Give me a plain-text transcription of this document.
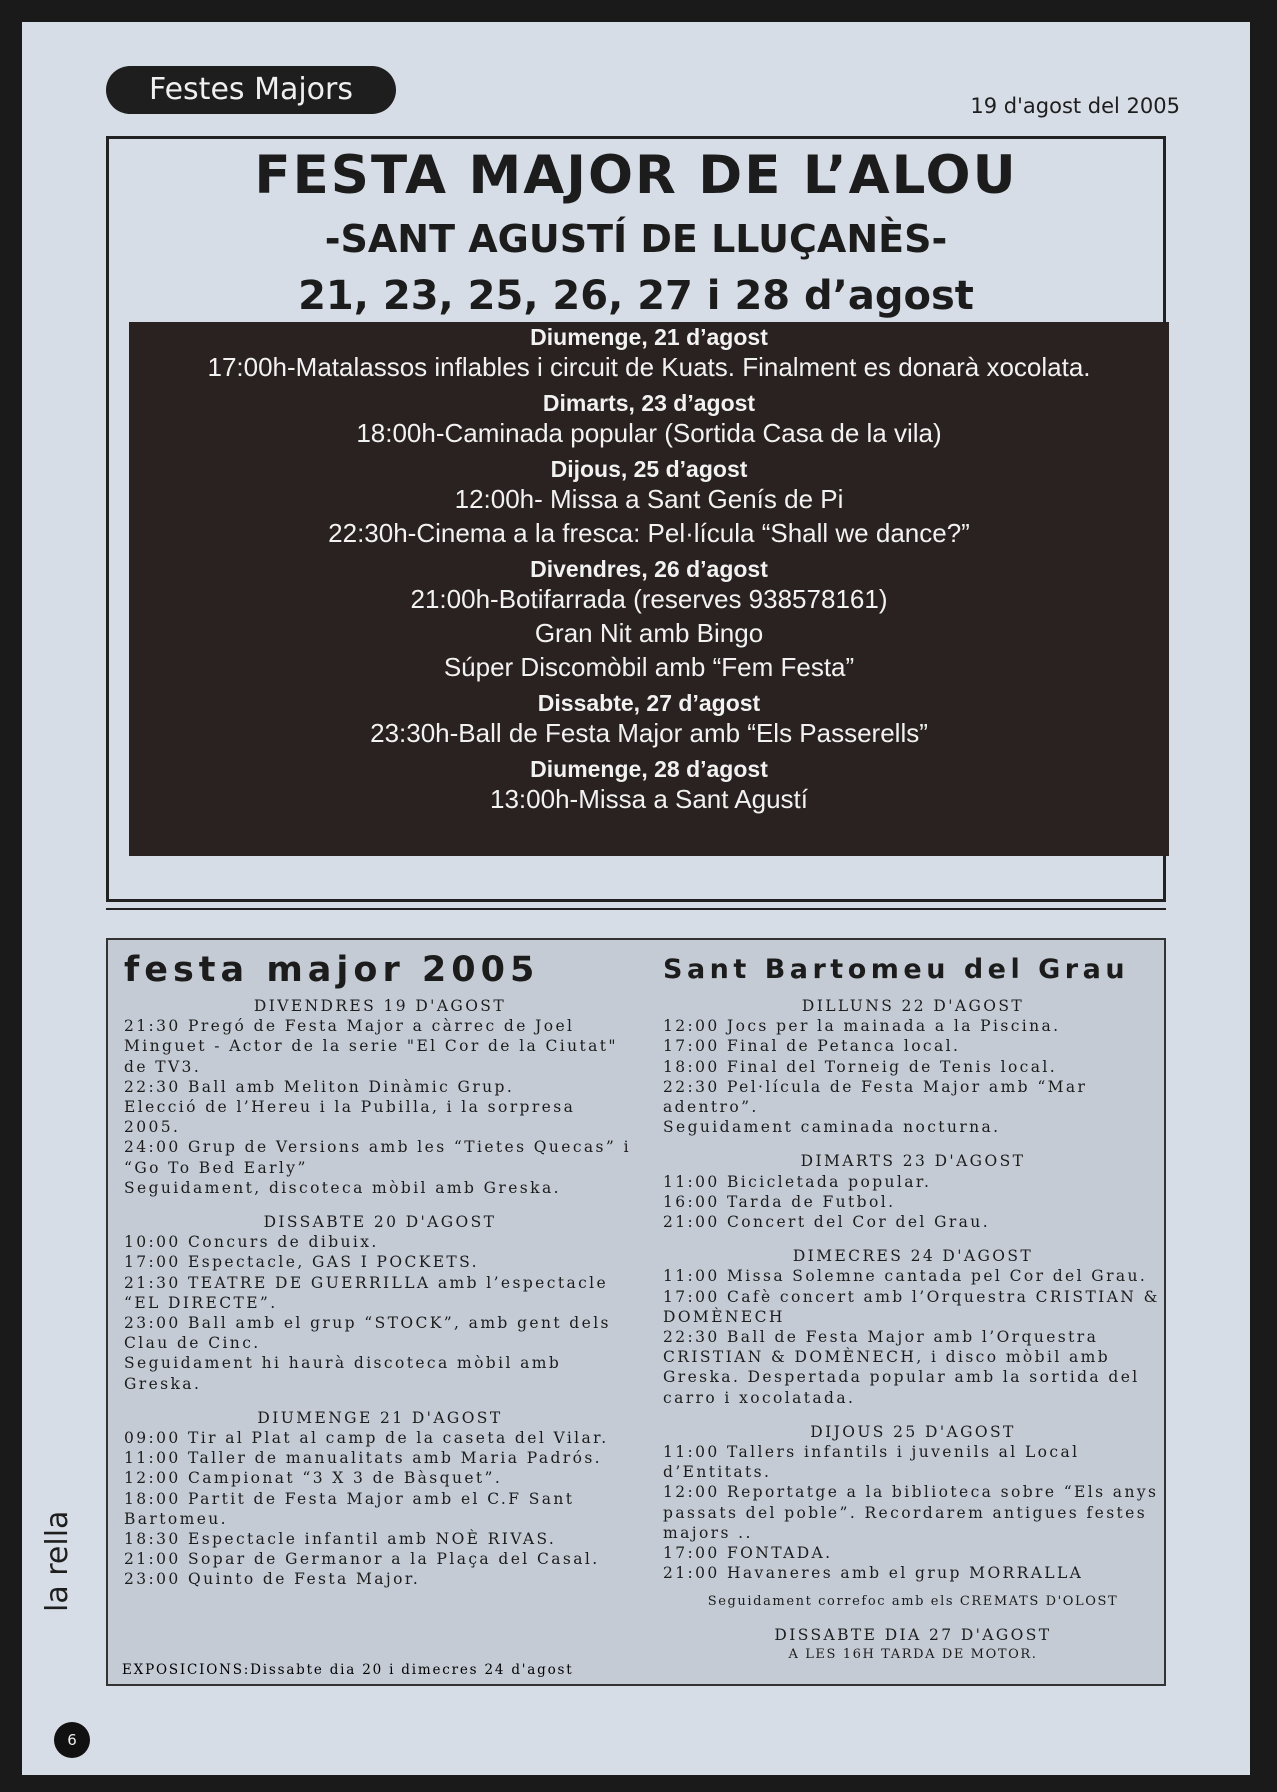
Festes Majors	19 d'agost del 2005
FESTA MAJOR DE L’ALOU
-SANT AGUSTÍ DE LLUÇANÈS-
21, 23, 25, 26, 27 i 28 d’agost
Diumenge, 21 d’agost
17:00h-Matalassos inflables i circuit de Kuats. Finalment es donarà xocolata.
Dimarts, 23 d’agost
18:00h-Caminada popular (Sortida Casa de la vila)
Dijous, 25 d’agost
12:00h- Missa a Sant Genís de Pi
22:30h-Cinema a la fresca: Pel·lícula “Shall we dance?”
Divendres, 26 d’agost
21:00h-Botifarrada (reserves 938578161)
Gran Nit amb Bingo
Súper Discomòbil amb “Fem Festa”
Dissabte, 27 d’agost
23:30h-Ball de Festa Major amb “Els Passerells”
Diumenge, 28 d’agost
13:00h-Missa a Sant Agustí
festa major 2005
DIVENDRES 19 D'AGOST
21:30 Pregó de Festa Major a càrrec de Joel Minguet - Actor de la serie "El Cor de la Ciutat" de TV3.
22:30 Ball amb Meliton Dinàmic Grup.
Elecció de l’Hereu i la Pubilla, i la sorpresa 2005.
24:00 Grup de Versions amb les “Tietes Quecas” i “Go To Bed Early”
Seguidament, discoteca mòbil amb Greska.
DISSABTE 20 D'AGOST
10:00 Concurs de dibuix.
17:00 Espectacle, GAS I POCKETS.
21:30 TEATRE DE GUERRILLA amb l’espectacle “EL DIRECTE”.
23:00 Ball amb el grup “STOCK”, amb gent dels Clau de Cinc.
Seguidament hi haurà discoteca mòbil amb Greska.
DIUMENGE 21 D'AGOST
09:00 Tir al Plat al camp de la caseta del Vilar.
11:00 Taller de manualitats amb Maria Padrós.
12:00 Campionat “3 X 3 de Bàsquet”.
18:00 Partit de Festa Major amb el C.F Sant Bartomeu.
18:30 Espectacle infantil amb NOÈ RIVAS.
21:00 Sopar de Germanor a la Plaça del Casal.
23:00 Quinto de Festa Major.
Sant Bartomeu del Grau
DILLUNS 22 D'AGOST
12:00 Jocs per la mainada a la Piscina.
17:00 Final de Petanca local.
18:00 Final del Torneig de Tenis local.
22:30 Pel·lícula de Festa Major amb “Mar adentro”.
Seguidament caminada nocturna.
DIMARTS 23 D'AGOST
11:00 Bicicletada popular.
16:00 Tarda de Futbol.
21:00 Concert del Cor del Grau.
DIMECRES 24 D'AGOST
11:00 Missa Solemne cantada pel Cor del Grau.
17:00 Cafè concert amb l’Orquestra CRISTIAN & DOMÈNECH
22:30 Ball de Festa Major amb l’Orquestra CRISTIAN & DOMÈNECH, i disco mòbil amb Greska. Despertada popular amb la sortida del carro i xocolatada.
DIJOUS 25 D'AGOST
11:00 Tallers infantils i juvenils al Local d’Entitats.
12:00 Reportatge a la biblioteca sobre “Els anys passats del poble”. Recordarem antigues festes majors ..
17:00 FONTADA.
21:00 Havaneres amb el grup MORRALLA
Seguidament correfoc amb els CREMATS D'OLOST
DISSABTE DIA 27 D'AGOST
A LES 16H TARDA DE MOTOR.
EXPOSICIONS:Dissabte dia 20 i dimecres 24 d'agost
la rella
6
